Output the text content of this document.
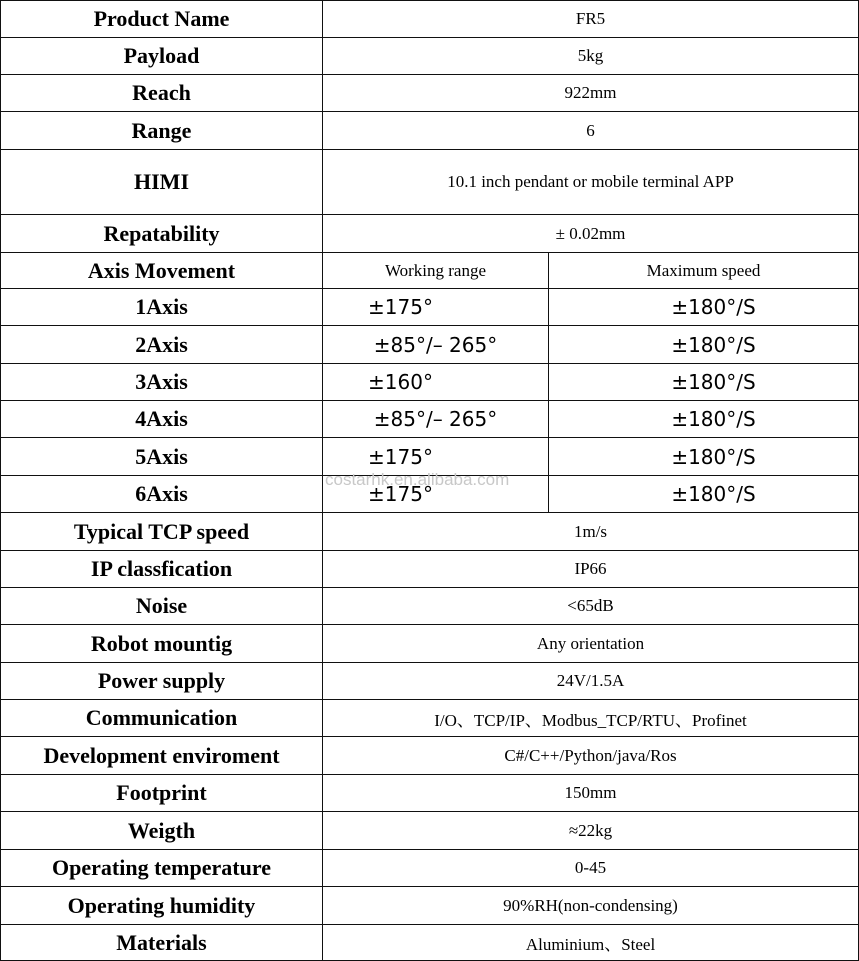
Product Name	FR5	
Payload	5kg	
Reach	922mm	
Range	6	
HIMI	10.1 inch pendant or mobile terminal APP	
Repatability	± 0.02mm	
Axis Movement	Working range	Maximum speed
1Axis	±175°	±180°/S
2Axis	±85°/– 265°	±180°/S
3Axis	±160°	±180°/S
4Axis	±85°/– 265°	±180°/S
5Axis	±175°	±180°/S
6Axis	±175°	±180°/S
Typical TCP speed	1m/s	
IP classfication	IP66	
Noise	<65dB	
Robot mountig	Any orientation	
Power supply	24V/1.5A	
Communication	I/O、TCP/IP、Modbus_TCP/RTU、Profinet	
Development enviroment	C#/C++/Python/java/Ros	
Footprint	150mm	
Weigth	≈22kg	
Operating temperature	0-45	
Operating humidity	90%RH(non-condensing)	
Materials	Aluminium、Steel	
costarhk.en.alibaba.com
